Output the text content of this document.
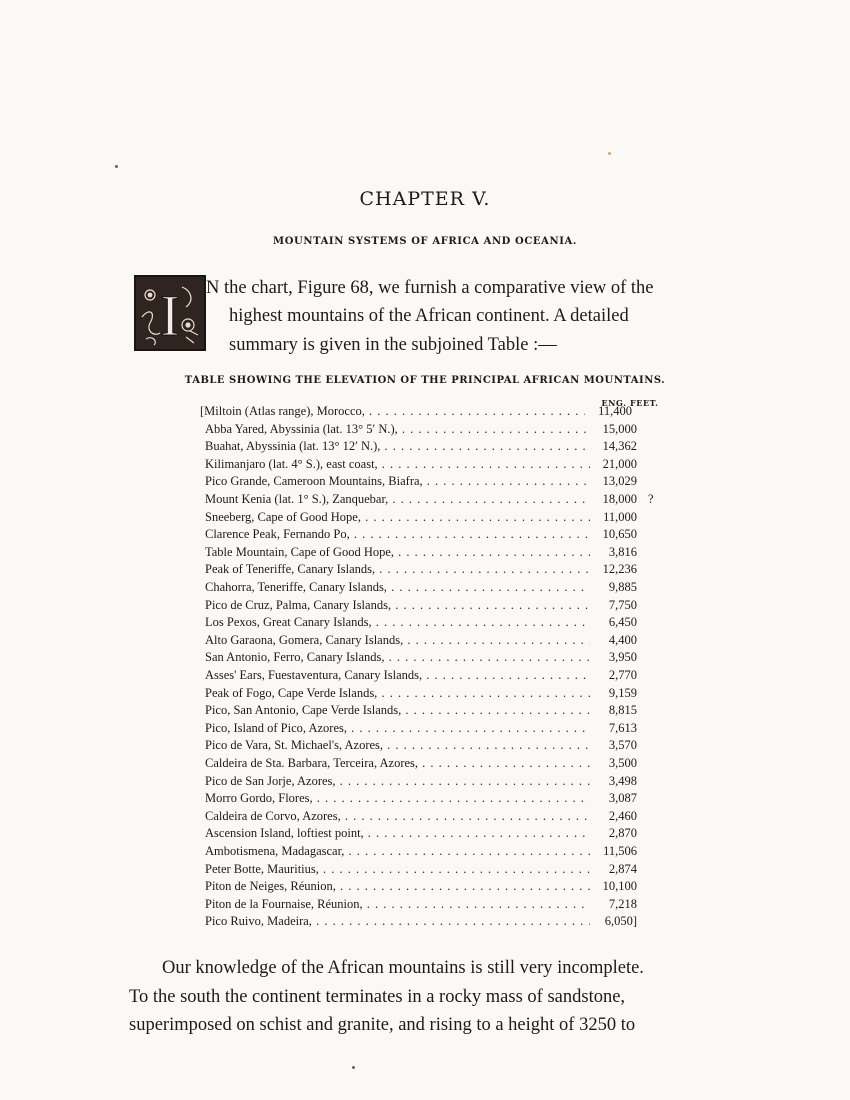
CHAPTER V.
MOUNTAIN SYSTEMS OF AFRICA AND OCEANIA.
I N the chart, Figure 68, we furnish a comparative view of the
highest mountains of the African continent. A detailed
summary is given in the subjoined Table :—
TABLE SHOWING THE ELEVATION OF THE PRINCIPAL AFRICAN MOUNTAINS.
ENG. FEET.
[Miltoin (Atlas range), Morocco, . . .	11,400
Abba Yared, Abyssinia (lat. 13° 5′ N.), . . .	15,000
Buahat, Abyssinia (lat. 13° 12′ N.), . . .	14,362
Kilimanjaro (lat. 4° S.), east coast, . . .	21,000
Pico Grande, Cameroon Mountains, Biafra, . . .	13,029
Mount Kenia (lat. 1° S.), Zanquebar, . . .	18,000 ?
Sneeberg, Cape of Good Hope, . . .	11,000
Clarence Peak, Fernando Po, . . .	10,650
Table Mountain, Cape of Good Hope, . . .	3,816
Peak of Teneriffe, Canary Islands, . . .	12,236
Chahorra, Teneriffe, Canary Islands, . . .	9,885
Pico de Cruz, Palma, Canary Islands, . . .	7,750
Los Pexos, Great Canary Islands, . . .	6,450
Alto Garaona, Gomera, Canary Islands, . . .	4,400
San Antonio, Ferro, Canary Islands, . . .	3,950
Asses' Ears, Fuestaventura, Canary Islands, . . .	2,770
Peak of Fogo, Cape Verde Islands, . . .	9,159
Pico, San Antonio, Cape Verde Islands, . . .	8,815
Pico, Island of Pico, Azores, . . .	7,613
Pico de Vara, St. Michael's, Azores, . . .	3,570
Caldeira de Sta. Barbara, Terceira, Azores, . . .	3,500
Pico de San Jorje, Azores, . . .	3,498
Morro Gordo, Flores, . . .	3,087
Caldeira de Corvo, Azores, . . .	2,460
Ascension Island, loftiest point, . . .	2,870
Ambotismena, Madagascar, . . .	11,506
Peter Botte, Mauritius, . . .	2,874
Piton de Neiges, Réunion, . . .	10,100
Piton de la Fournaise, Réunion, . . .	7,218
Pico Ruivo, Madeira, . . .	6,050]
Our knowledge of the African mountains is still very incomplete.
To the south the continent terminates in a rocky mass of sandstone,
superimposed on schist and granite, and rising to a height of 3250 to
